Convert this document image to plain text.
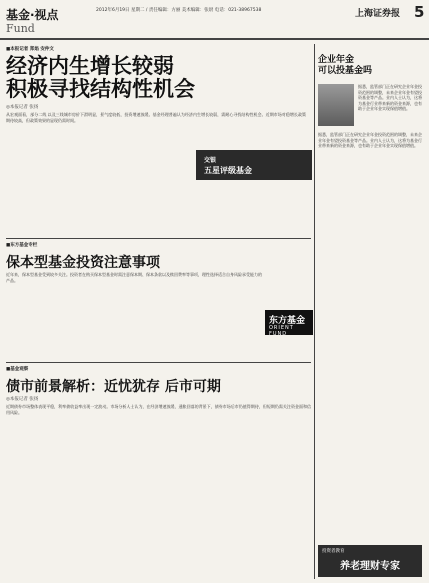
基金·视点
Fund
2012年6月19日 星期二 / 责任编辑：方丽 美术编辑：张尉 电话：021-38967538	上海证券报 5
■本报记者 郑焰 安仲文
经济内生增长较弱
积极寻找结构性机会
◎本报记者 张扬
从宏观面看，部分二线 以及三线城市房价下滑明显，景气度较低，投资增速放缓。基金经理普遍认为经济内生增长较弱，需耐心寻找结构性机会。近期市场对稳增长政策期待较高，但政策效果的显现仍需时间。
交银
五星评级基金
■东方基金专栏
保本型基金投资注意事项
近年来，保本型基金受到较多关注。投资者在购买保本型基金时需注意保本期、保本条款以及赎回费率等事项，理性选择适合自身风险承受能力的产品。
东方基金
ORIENT FUND
■基金观察
债市前景解析：近忧犹存 后市可期
◎本报记者 张扬
近期债券市场整体表现平稳，利率债收益率出现一定波动。市场分析人士认为，在经济增速放缓、通胀回落的背景下，债券市场后市仍值得期待，但短期仍需关注资金面和信用风险。
企业年金
可以投基金吗
据悉，监管部门正在研究企业年金投资范围的调整，未来企业年金有望投资基金等产品。业内人士认为，这将为基金行业带来新的资金来源，也有助于企业年金实现保值增值。
据悉，监管部门正在研究企业年金投资范围的调整，未来企业年金有望投资基金等产品。业内人士认为，这将为基金行业带来新的资金来源，也有助于企业年金实现保值增值。
投资者教育
养老理财专家
